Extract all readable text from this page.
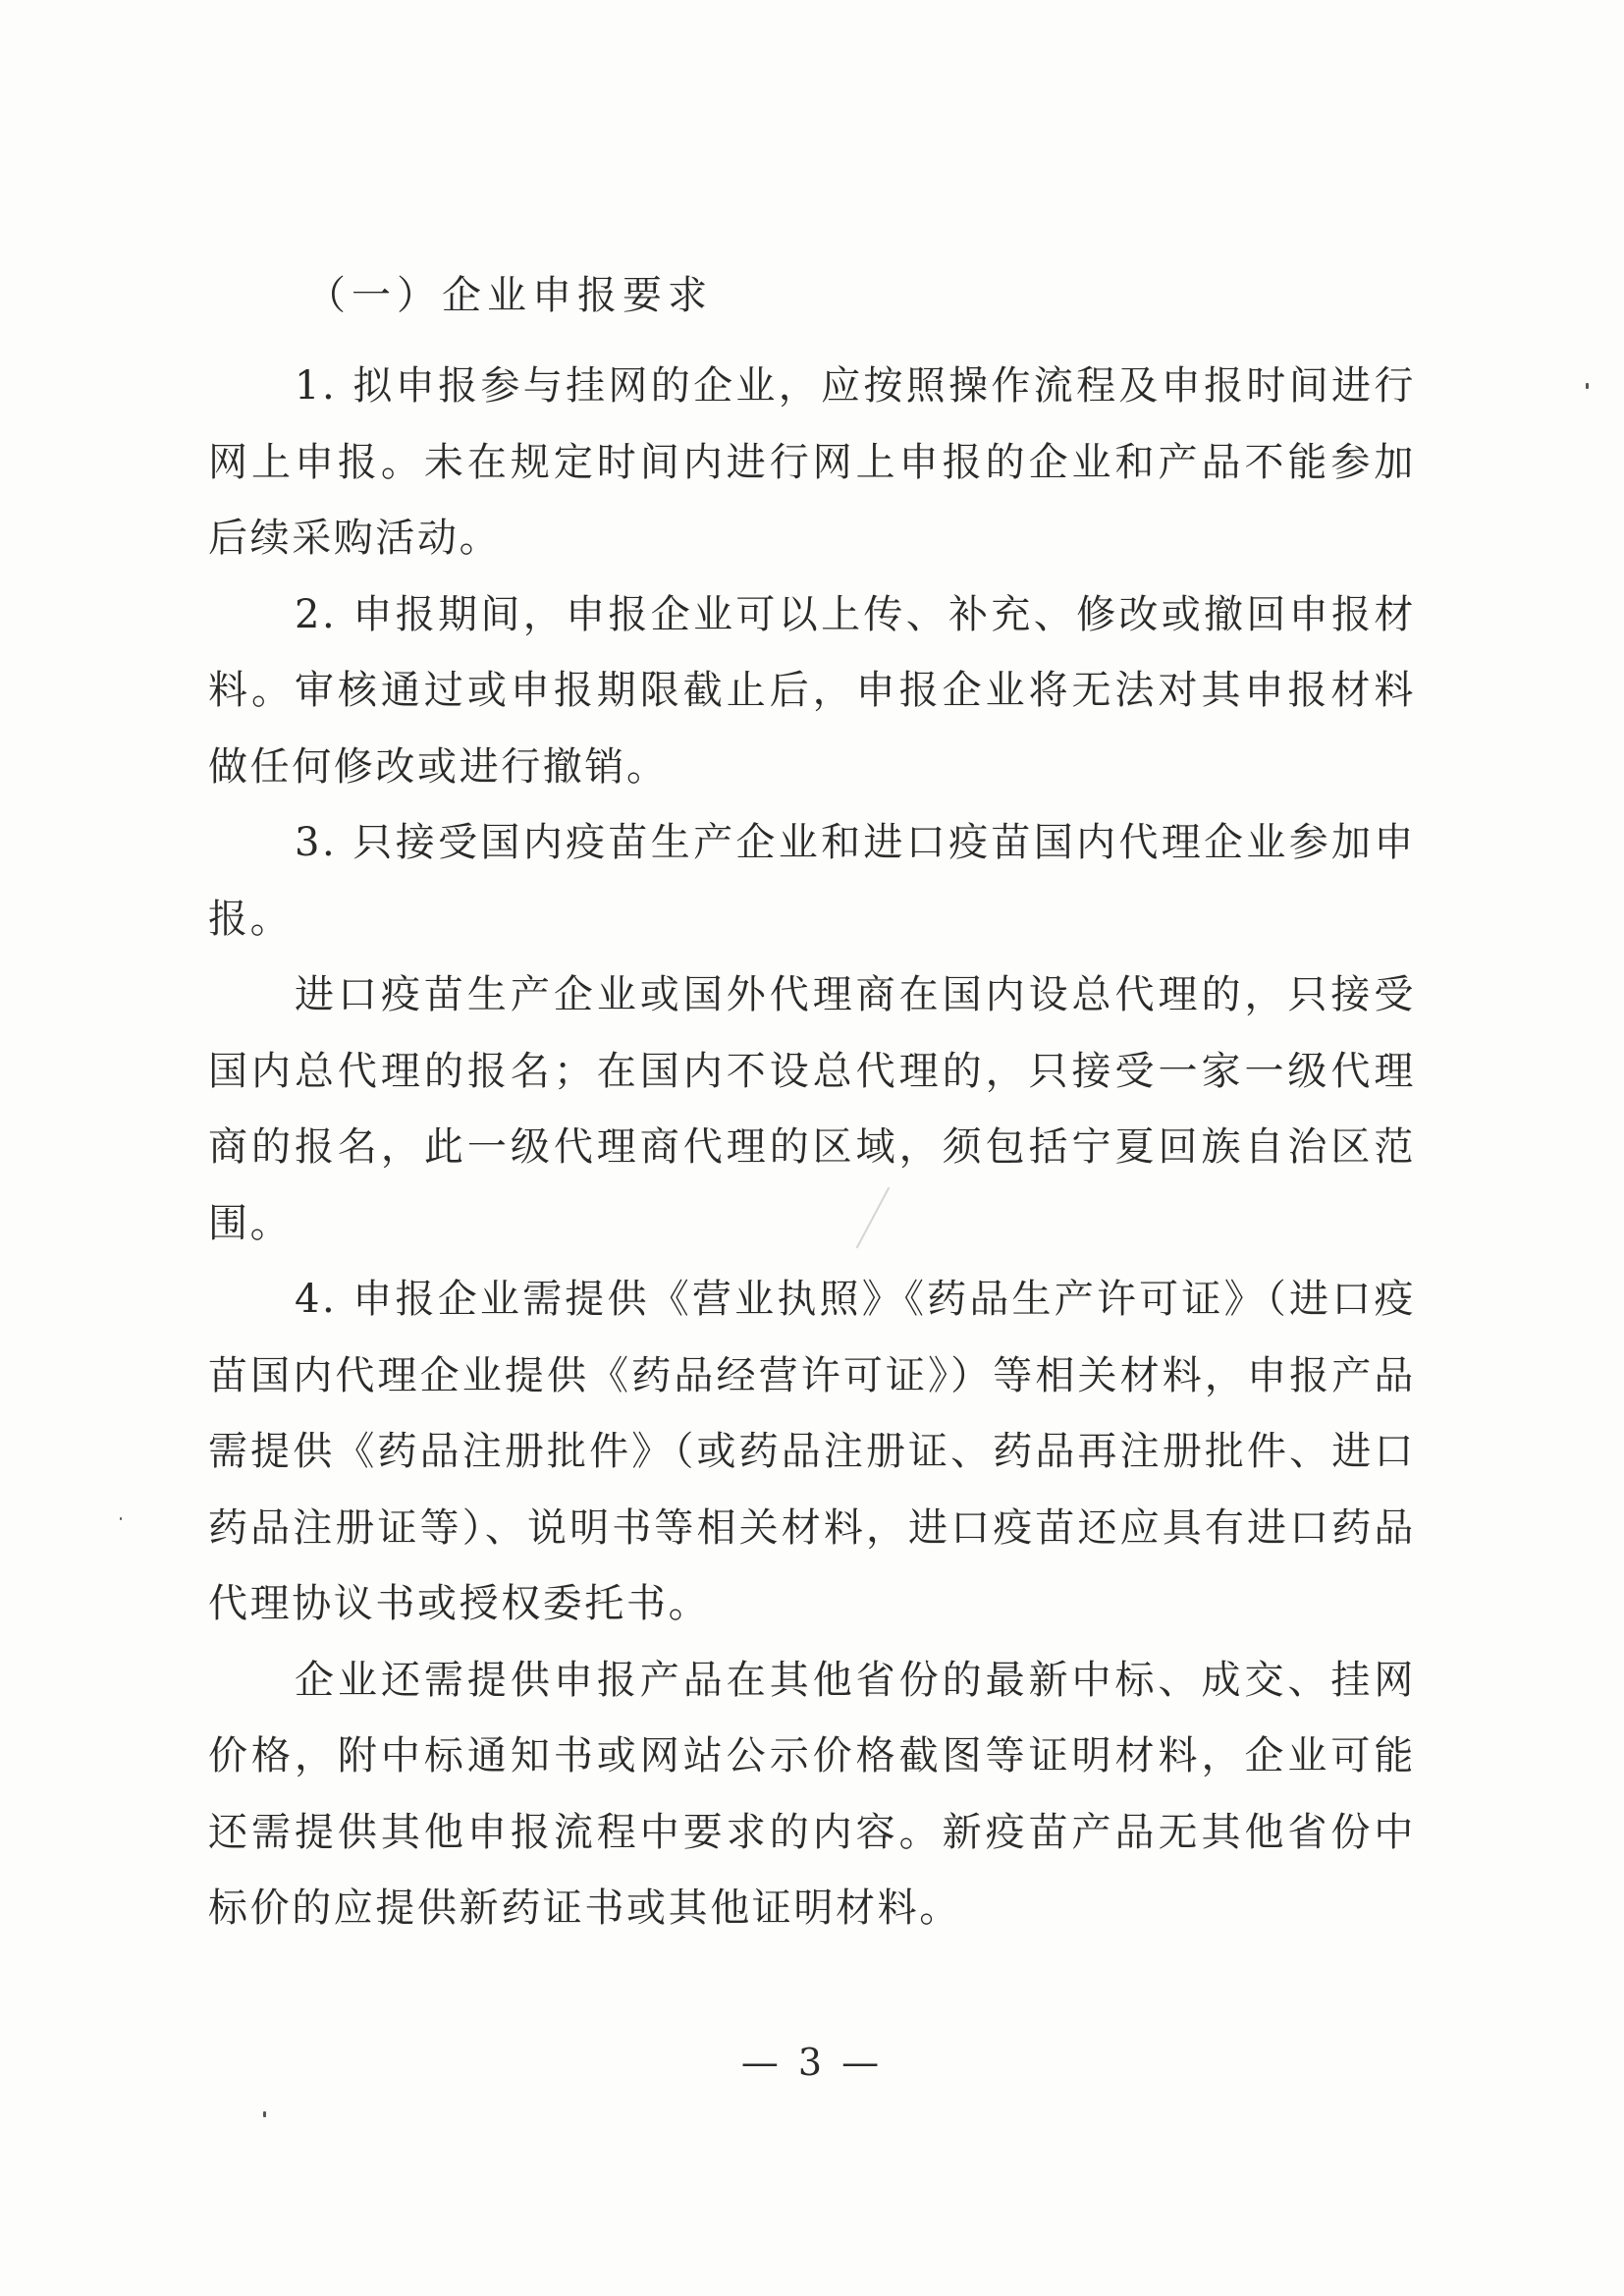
（一）企业申报要求

1. 拟申报参与挂网的企业，应按照操作流程及申报时间进行网上申报。未在规定时间内进行网上申报的企业和产品不能参加后续采购活动。

2. 申报期间，申报企业可以上传、补充、修改或撤回申报材料。审核通过或申报期限截止后，申报企业将无法对其申报材料做任何修改或进行撤销。

3. 只接受国内疫苗生产企业和进口疫苗国内代理企业参加申报。

进口疫苗生产企业或国外代理商在国内设总代理的，只接受国内总代理的报名；在国内不设总代理的，只接受一家一级代理商的报名，此一级代理商代理的区域，须包括宁夏回族自治区范围。

4. 申报企业需提供《营业执照》《药品生产许可证》（进口疫苗国内代理企业提供《药品经营许可证》）等相关材料，申报产品需提供《药品注册批件》（或药品注册证、药品再注册批件、进口药品注册证等）、说明书等相关材料，进口疫苗还应具有进口药品代理协议书或授权委托书。

企业还需提供申报产品在其他省份的最新中标、成交、挂网价格，附中标通知书或网站公示价格截图等证明材料，企业可能还需提供其他申报流程中要求的内容。新疫苗产品无其他省份中标价的应提供新药证书或其他证明材料。

— 3 —
